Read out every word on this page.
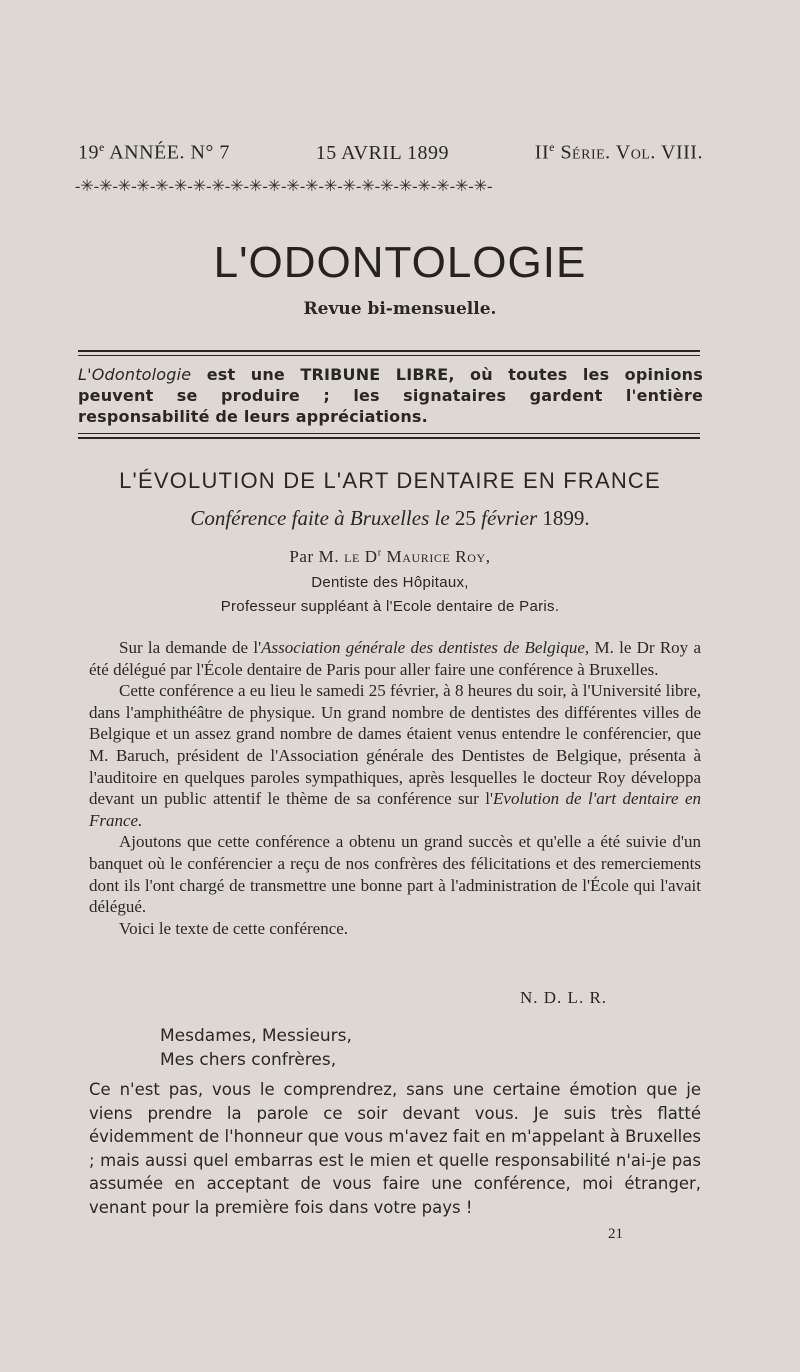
19e ANNÉE. N° 7	15 AVRIL 1899	IIe Série. Vol. VIII.
-✳-✳-✳-✳-✳-✳-✳-✳-✳-✳-✳-✳-✳-✳-✳-✳-✳-✳-✳-✳-✳-✳-
L'ODONTOLOGIE
Revue bi-mensuelle.
L'Odontologie est une TRIBUNE LIBRE, où toutes les opinions peuvent se produire ; les signataires gardent l'entière responsabilité de leurs appréciations.
L'ÉVOLUTION DE L'ART DENTAIRE EN FRANCE
Conférence faite à Bruxelles le 25 février 1899.
Par M. le $D^r$ Maurice Roy,
Dentiste des Hôpitaux,
Professeur suppléant à l'Ecole dentaire de Paris.

Sur la demande de l'Association générale des dentistes de Belgique, M. le Dr Roy a été délégué par l'École dentaire de Paris pour aller faire une conférence à Bruxelles.

Cette conférence a eu lieu le samedi 25 février, à 8 heures du soir, à l'Université libre, dans l'amphithéâtre de physique. Un grand nombre de dentistes des différentes villes de Belgique et un assez grand nombre de dames étaient venus entendre le conférencier, que M. Baruch, président de l'Association générale des Dentistes de Belgique, présenta à l'auditoire en quelques paroles sympathiques, après lesquelles le docteur Roy développa devant un public attentif le thème de sa conférence sur l'Evolution de l'art dentaire en France.

Ajoutons que cette conférence a obtenu un grand succès et qu'elle a été suivie d'un banquet où le conférencier a reçu de nos confrères des félicitations et des remerciements dont ils l'ont chargé de transmettre une bonne part à l'administration de l'École qui l'avait délégué.

Voici le texte de cette conférence.

N. D. L. R.
Mesdames, Messieurs,
Mes chers confrères,

Ce n'est pas, vous le comprendrez, sans une certaine émotion que je viens prendre la parole ce soir devant vous. Je suis très flatté évidemment de l'honneur que vous m'avez fait en m'appelant à Bruxelles ; mais aussi quel embarras est le mien et quelle responsabilité n'ai-je pas assumée en acceptant de vous faire une conférence, moi étranger, venant pour la première fois dans votre pays !

21
